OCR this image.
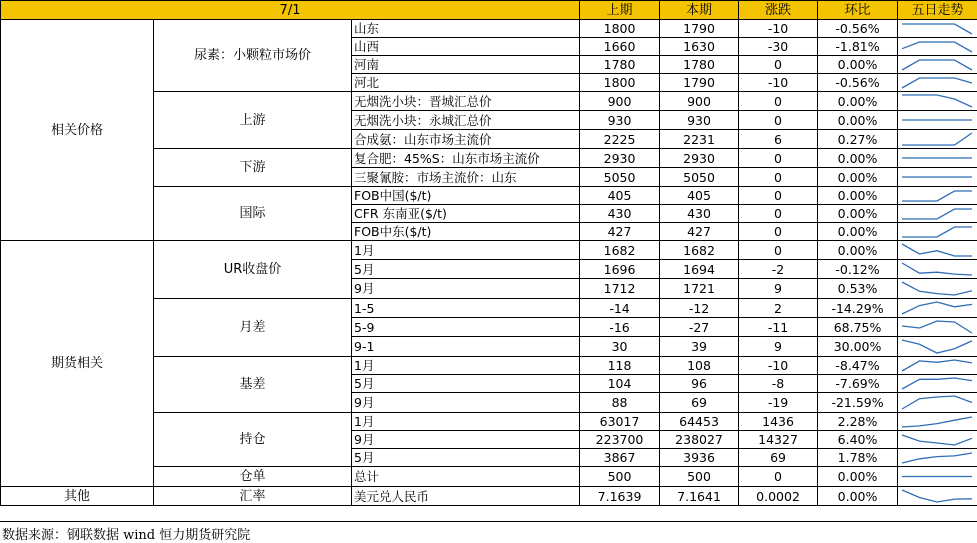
7/1			上期	本期	涨跌	环比	五日走势
相关价格	尿素：小颗粒市场价	山东	1800	1790	-10	-0.56%	

		山西	1660	1630	-30	-1.81%	

		河南	1780	1780	0	0.00%	

		河北	1800	1790	-10	-0.56%	

	上游	无烟洗小块：晋城汇总价	900	900	0	0.00%	

		无烟洗小块：永城汇总价	930	930	0	0.00%	

		合成氨：山东市场主流价	2225	2231	6	0.27%	

	下游	复合肥：45%S：山东市场主流价	2930	2930	0	0.00%	

		三聚氰胺：市场主流价：山东	5050	5050	0	0.00%	

	国际	FOB中国($/t)	405	405	0	0.00%	

		CFR 东南亚($/t)	430	430	0	0.00%	

		FOB中东($/t)	427	427	0	0.00%	

期货相关	UR收盘价	1月	1682	1682	0	0.00%	

		5月	1696	1694	-2	-0.12%	

		9月	1712	1721	9	0.53%	

	月差	1-5	-14	-12	2	-14.29%	

		5-9	-16	-27	-11	68.75%	

		9-1	30	39	9	30.00%	

	基差	1月	118	108	-10	-8.47%	

		5月	104	96	-8	-7.69%	

		9月	88	69	-19	-21.59%	

	持仓	1月	63017	64453	1436	2.28%	

		9月	223700	238027	14327	6.40%	

		5月	3867	3936	69	1.78%	

	仓单	总计	500	500	0	0.00%	

其他	汇率	美元兑人民币	7.1639	7.1641	0.0002	0.00%	
数据来源：钢联数据 wind 恒力期货研究院
